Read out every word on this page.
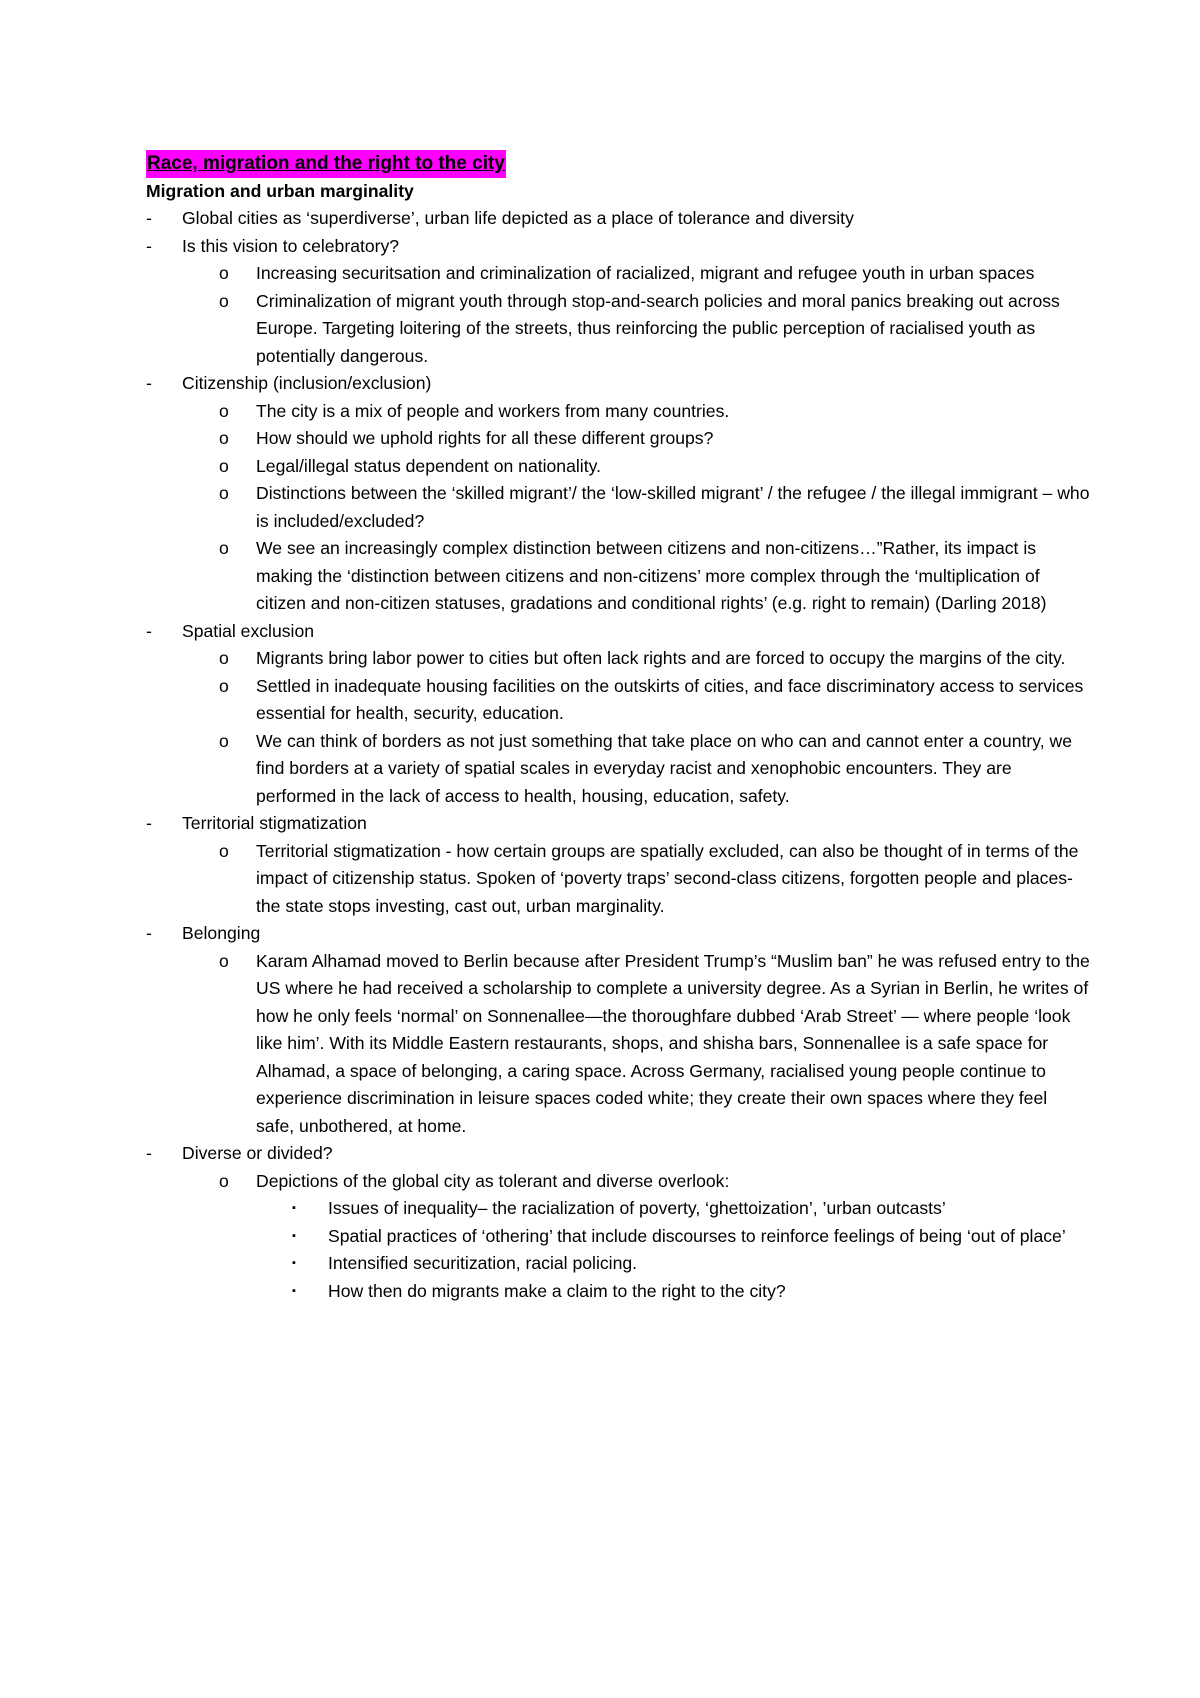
Race, migration and the right to the city
Migration and urban marginality
- Global cities as ‘superdiverse’, urban life depicted as a place of tolerance and diversity
- Is this vision to celebratory?
o Increasing securitsation and criminalization of racialized, migrant and refugee youth in urban spaces
o Criminalization of migrant youth through stop-and-search policies and moral panics breaking out across Europe. Targeting loitering of the streets, thus reinforcing the public perception of racialised youth as potentially dangerous.
- Citizenship (inclusion/exclusion)
o The city is a mix of people and workers from many countries.
o How should we uphold rights for all these different groups?
o Legal/illegal status dependent on nationality.
o Distinctions between the ‘skilled migrant’/ the ‘low-skilled migrant’ / the refugee / the illegal immigrant – who is included/excluded?
o We see an increasingly complex distinction between citizens and non-citizens…”Rather, its impact is making the ‘distinction between citizens and non-citizens’ more complex through the ‘multiplication of citizen and non-citizen statuses, gradations and conditional rights’ (e.g. right to remain) (Darling 2018)
- Spatial exclusion
o Migrants bring labor power to cities but often lack rights and are forced to occupy the margins of the city.
o Settled in inadequate housing facilities on the outskirts of cities, and face discriminatory access to services essential for health, security, education.
o We can think of borders as not just something that take place on who can and cannot enter a country, we find borders at a variety of spatial scales in everyday racist and xenophobic encounters. They are performed in the lack of access to health, housing, education, safety.
- Territorial stigmatization
o Territorial stigmatization - how certain groups are spatially excluded, can also be thought of in terms of the impact of citizenship status. Spoken of ‘poverty traps’ second-class citizens, forgotten people and places- the state stops investing, cast out, urban marginality.
- Belonging
o Karam Alhamad moved to Berlin because after President Trump’s “Muslim ban” he was refused entry to the US where he had received a scholarship to complete a university degree. As a Syrian in Berlin, he writes of how he only feels ‘normal’ on Sonnenallee—the thoroughfare dubbed ‘Arab Street’ — where people ‘look like him’. With its Middle Eastern restaurants, shops, and shisha bars, Sonnenallee is a safe space for Alhamad, a space of belonging, a caring space. Across Germany, racialised young people continue to experience discrimination in leisure spaces coded white; they create their own spaces where they feel safe, unbothered, at home.
- Diverse or divided?
o Depictions of the global city as tolerant and diverse overlook:
▪ Issues of inequality– the racialization of poverty, ‘ghettoization’, ’urban outcasts’
▪ Spatial practices of ‘othering’ that include discourses to reinforce feelings of being ‘out of place’
▪ Intensified securitization, racial policing.
▪ How then do migrants make a claim to the right to the city?
